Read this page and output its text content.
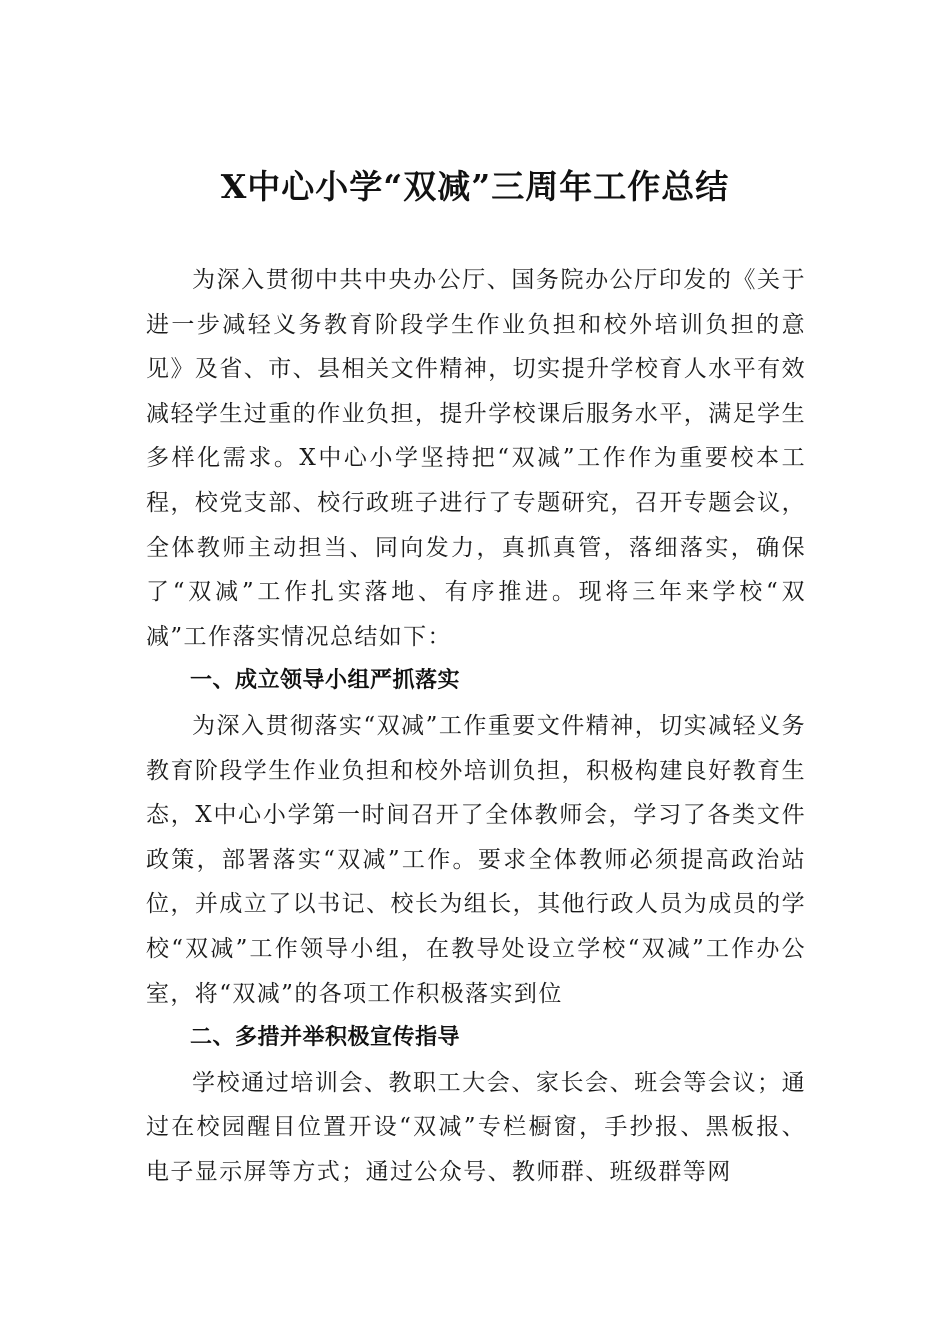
X中心小学“双减”三周年工作总结

为深入贯彻中共中央办公厅、国务院办公厅印发的《关于进一步减轻义务教育阶段学生作业负担和校外培训负担的意见》及省、市、县相关文件精神，切实提升学校育人水平有效减轻学生过重的作业负担，提升学校课后服务水平，满足学生多样化需求。X中心小学坚持把“双减”工作作为重要校本工程，校党支部、校行政班子进行了专题研究，召开专题会议，全体教师主动担当、同向发力，真抓真管，落细落实，确保了“双减”工作扎实落地、有序推进。现将三年来学校“双减”工作落实情况总结如下：

一、成立领导小组严抓落实

为深入贯彻落实“双减”工作重要文件精神，切实减轻义务教育阶段学生作业负担和校外培训负担，积极构建良好教育生态，X中心小学第一时间召开了全体教师会，学习了各类文件政策，部署落实“双减”工作。要求全体教师必须提高政治站位，并成立了以书记、校长为组长，其他行政人员为成员的学校“双减”工作领导小组，在教导处设立学校“双减”工作办公室，将“双减”的各项工作积极落实到位

二、多措并举积极宣传指导

学校通过培训会、教职工大会、家长会、班会等会议；通过在校园醒目位置开设“双减”专栏橱窗，手抄报、黑板报、电子显示屏等方式；通过公众号、教师群、班级群等网
